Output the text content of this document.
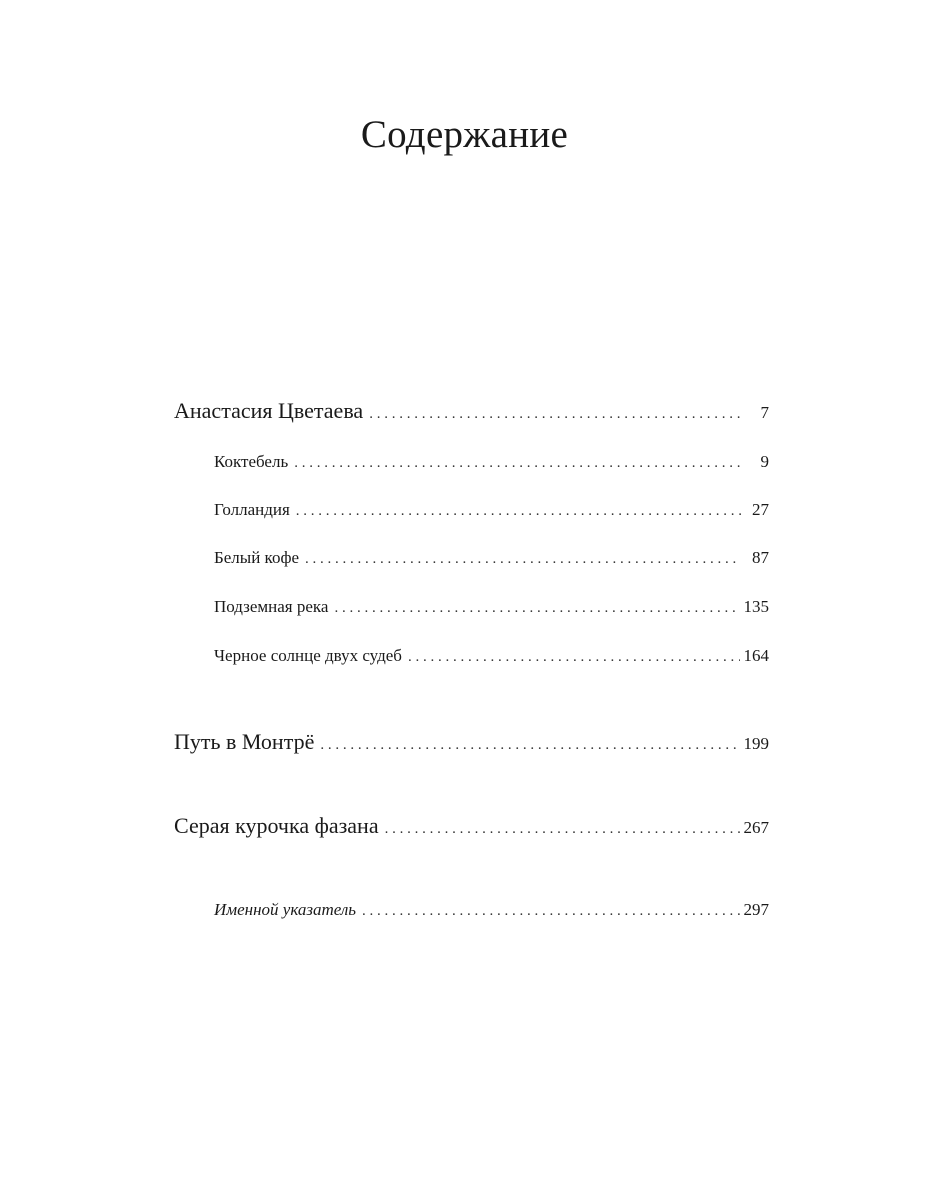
Содержание
Анастасия Цветаева . . .	7
Коктебель . . .	9
Голландия . . .	27
Белый кофе . . .	87
Подземная река . . .	135
Черное солнце двух судеб . . .	164
Путь в Монтрё . . .	199
Серая курочка фазана . . .	267
Именной указатель . . .	297
